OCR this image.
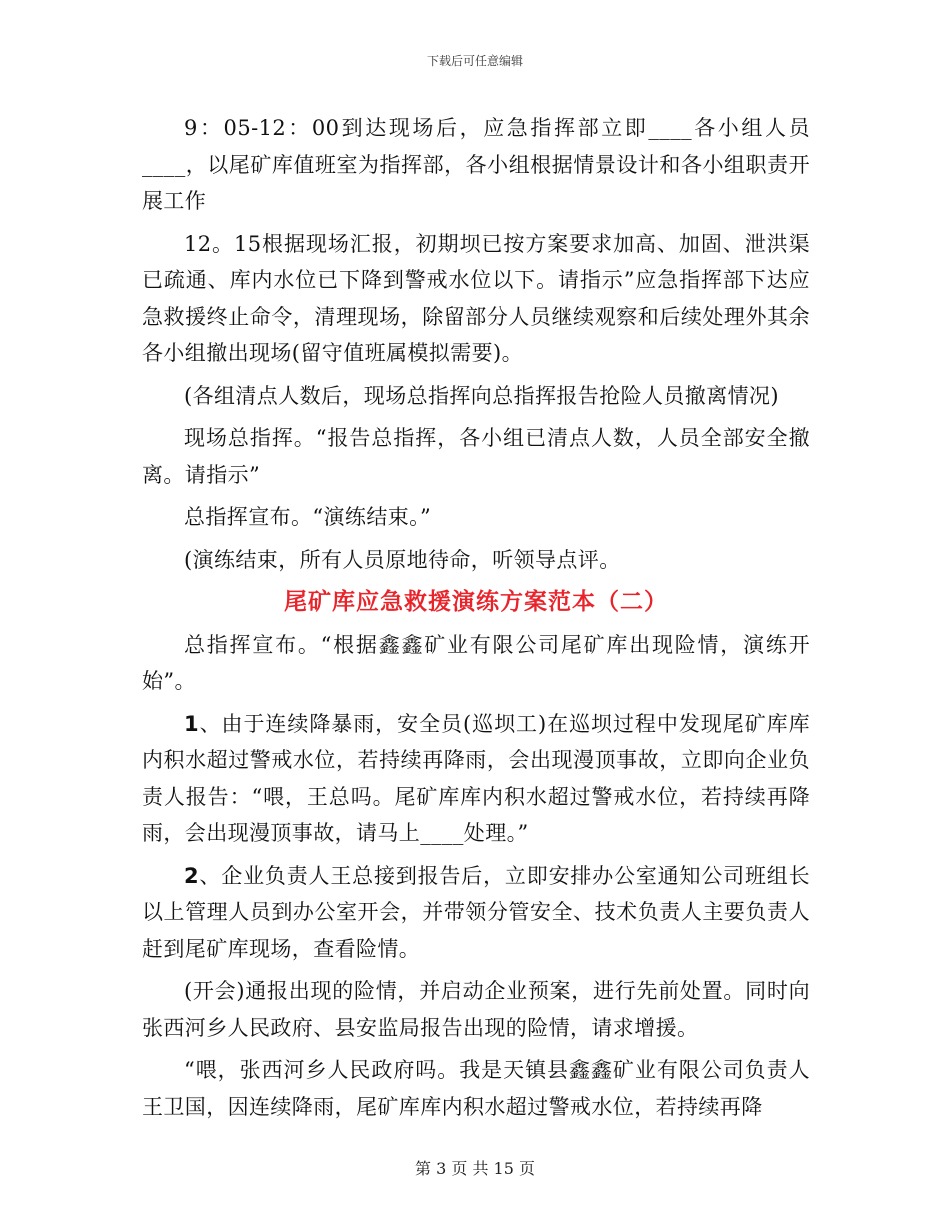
下载后可任意编辑

9：05-12：00到达现场后，应急指挥部立即____各小组人员____，以尾矿库值班室为指挥部，各小组根据情景设计和各小组职责开展工作

12。15根据现场汇报，初期坝已按方案要求加高、加固、泄洪渠已疏通、库内水位已下降到警戒水位以下。请指示”应急指挥部下达应急救援终止命令，清理现场，除留部分人员继续观察和后续处理外其余各小组撤出现场(留守值班属模拟需要)。

(各组清点人数后，现场总指挥向总指挥报告抢险人员撤离情况)

现场总指挥。“报告总指挥，各小组已清点人数，人员全部安全撤离。请指示”

总指挥宣布。“演练结束。”

(演练结束，所有人员原地待命，听领导点评。

尾矿库应急救援演练方案范本（二）

总指挥宣布。“根据鑫鑫矿业有限公司尾矿库出现险情，演练开始”。

1、由于连续降暴雨，安全员(巡坝工)在巡坝过程中发现尾矿库库内积水超过警戒水位，若持续再降雨，会出现漫顶事故，立即向企业负责人报告：“喂，王总吗。尾矿库库内积水超过警戒水位，若持续再降雨，会出现漫顶事故，请马上____处理。”

2、企业负责人王总接到报告后，立即安排办公室通知公司班组长以上管理人员到办公室开会，并带领分管安全、技术负责人主要负责人赶到尾矿库现场，查看险情。

(开会)通报出现的险情，并启动企业预案，进行先前处置。同时向张西河乡人民政府、县安监局报告出现的险情，请求增援。

“喂，张西河乡人民政府吗。我是天镇县鑫鑫矿业有限公司负责人王卫国，因连续降雨，尾矿库库内积水超过警戒水位，若持续再降

第 3 页 共 15 页
